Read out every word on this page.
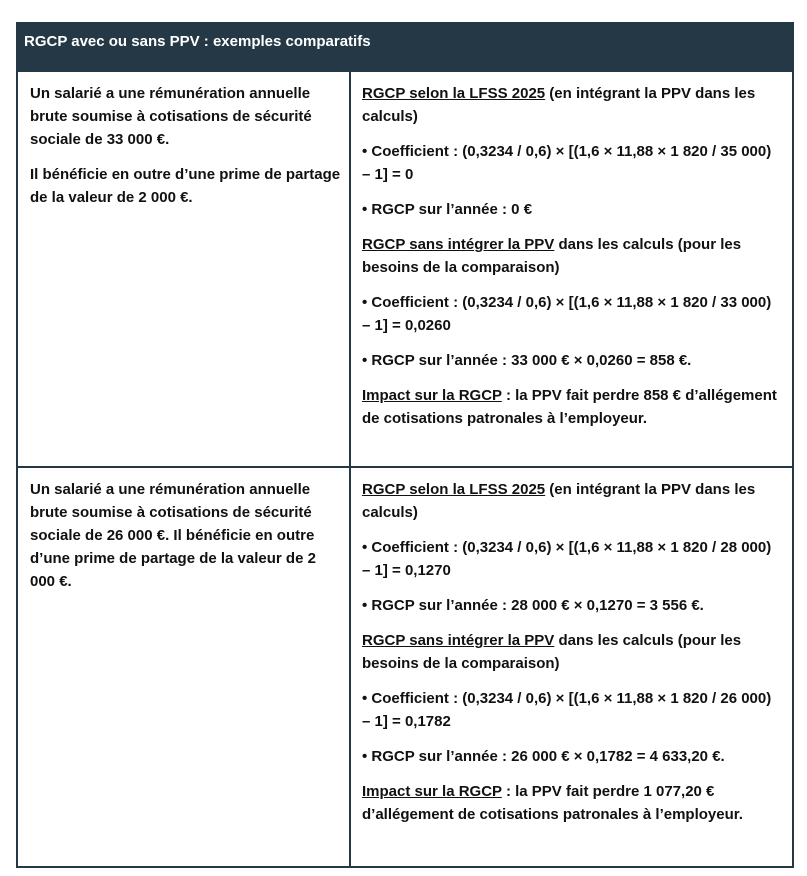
RGCP avec ou sans PPV : exemples comparatifs

Un salarié a une rémunération annuelle brute soumise à cotisations de sécurité sociale de 33 000 €.

Il bénéficie en outre d’une prime de partage de la valeur de 2 000 €.

RGCP selon la LFSS 2025 (en intégrant la PPV dans les calculs)

• Coefficient : (0,3234 / 0,6) × [(1,6 × 11,88 × 1 820 / 35 000) – 1] = 0

• RGCP sur l’année : 0 €

RGCP sans intégrer la PPV dans les calculs (pour les besoins de la comparaison)

• Coefficient : (0,3234 / 0,6) × [(1,6 × 11,88 × 1 820 / 33 000) – 1] = 0,0260

• RGCP sur l’année : 33 000 € × 0,0260 = 858 €.

Impact sur la RGCP : la PPV fait perdre 858 € d’allégement de cotisations patronales à l’employeur.

Un salarié a une rémunération annuelle brute soumise à cotisations de sécurité sociale de 26 000 €. Il bénéficie en outre d’une prime de partage de la valeur de 2 000 €.

RGCP selon la LFSS 2025 (en intégrant la PPV dans les calculs)

• Coefficient : (0,3234 / 0,6) × [(1,6 × 11,88 × 1 820 / 28 000) – 1] = 0,1270

• RGCP sur l’année : 28 000 € × 0,1270 = 3 556 €.

RGCP sans intégrer la PPV dans les calculs (pour les besoins de la comparaison)

• Coefficient : (0,3234 / 0,6) × [(1,6 × 11,88 × 1 820 / 26 000) – 1] = 0,1782

• RGCP sur l’année : 26 000 € × 0,1782 = 4 633,20 €.

Impact sur la RGCP : la PPV fait perdre 1 077,20 € d’allégement de cotisations patronales à l’employeur.
